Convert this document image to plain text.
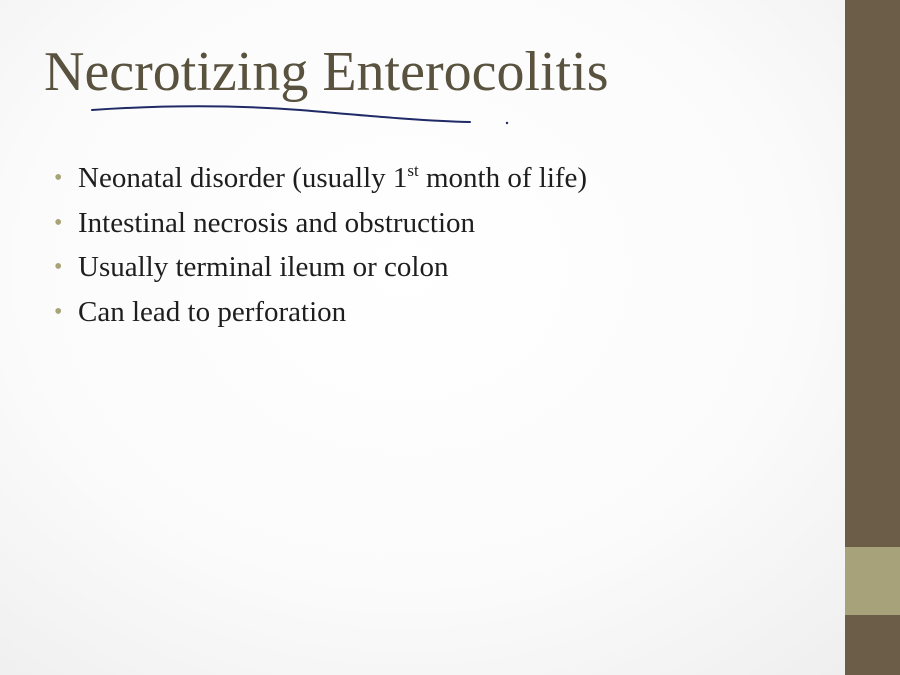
Necrotizing Enterocolitis
• Neonatal disorder (usually 1st month of life)
• Intestinal necrosis and obstruction
• Usually terminal ileum or colon
• Can lead to perforation
